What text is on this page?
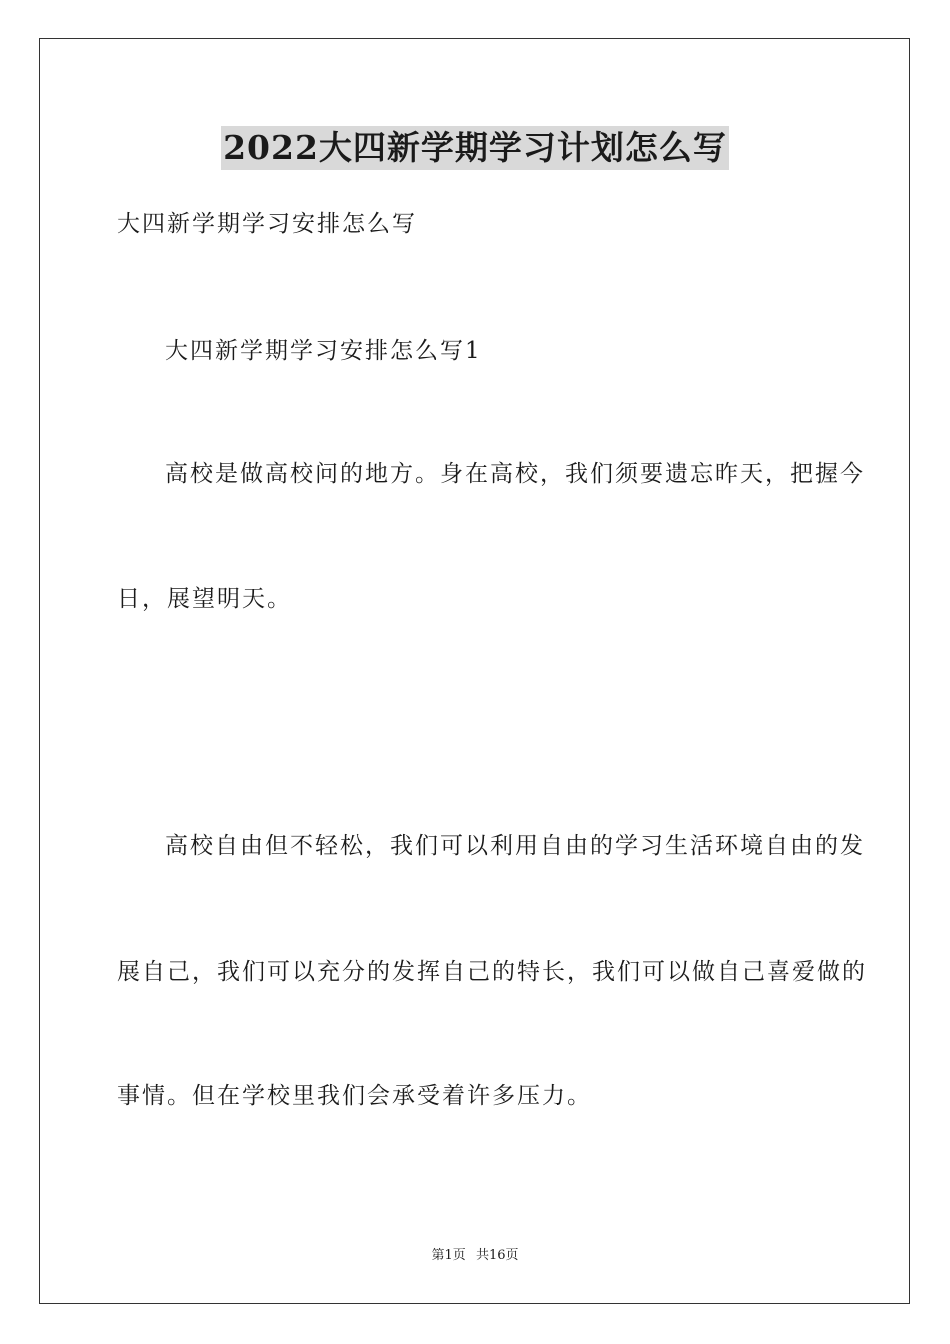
2022大四新学期学习计划怎么写
大四新学期学习安排怎么写
大四新学期学习安排怎么写1
高校是做高校问的地方。身在高校，我们须要遗忘昨天，把握今
日，展望明天。
高校自由但不轻松，我们可以利用自由的学习生活环境自由的发
展自己，我们可以充分的发挥自己的特长，我们可以做自己喜爱做的
事情。但在学校里我们会承受着许多压力。
第1页 共16页
